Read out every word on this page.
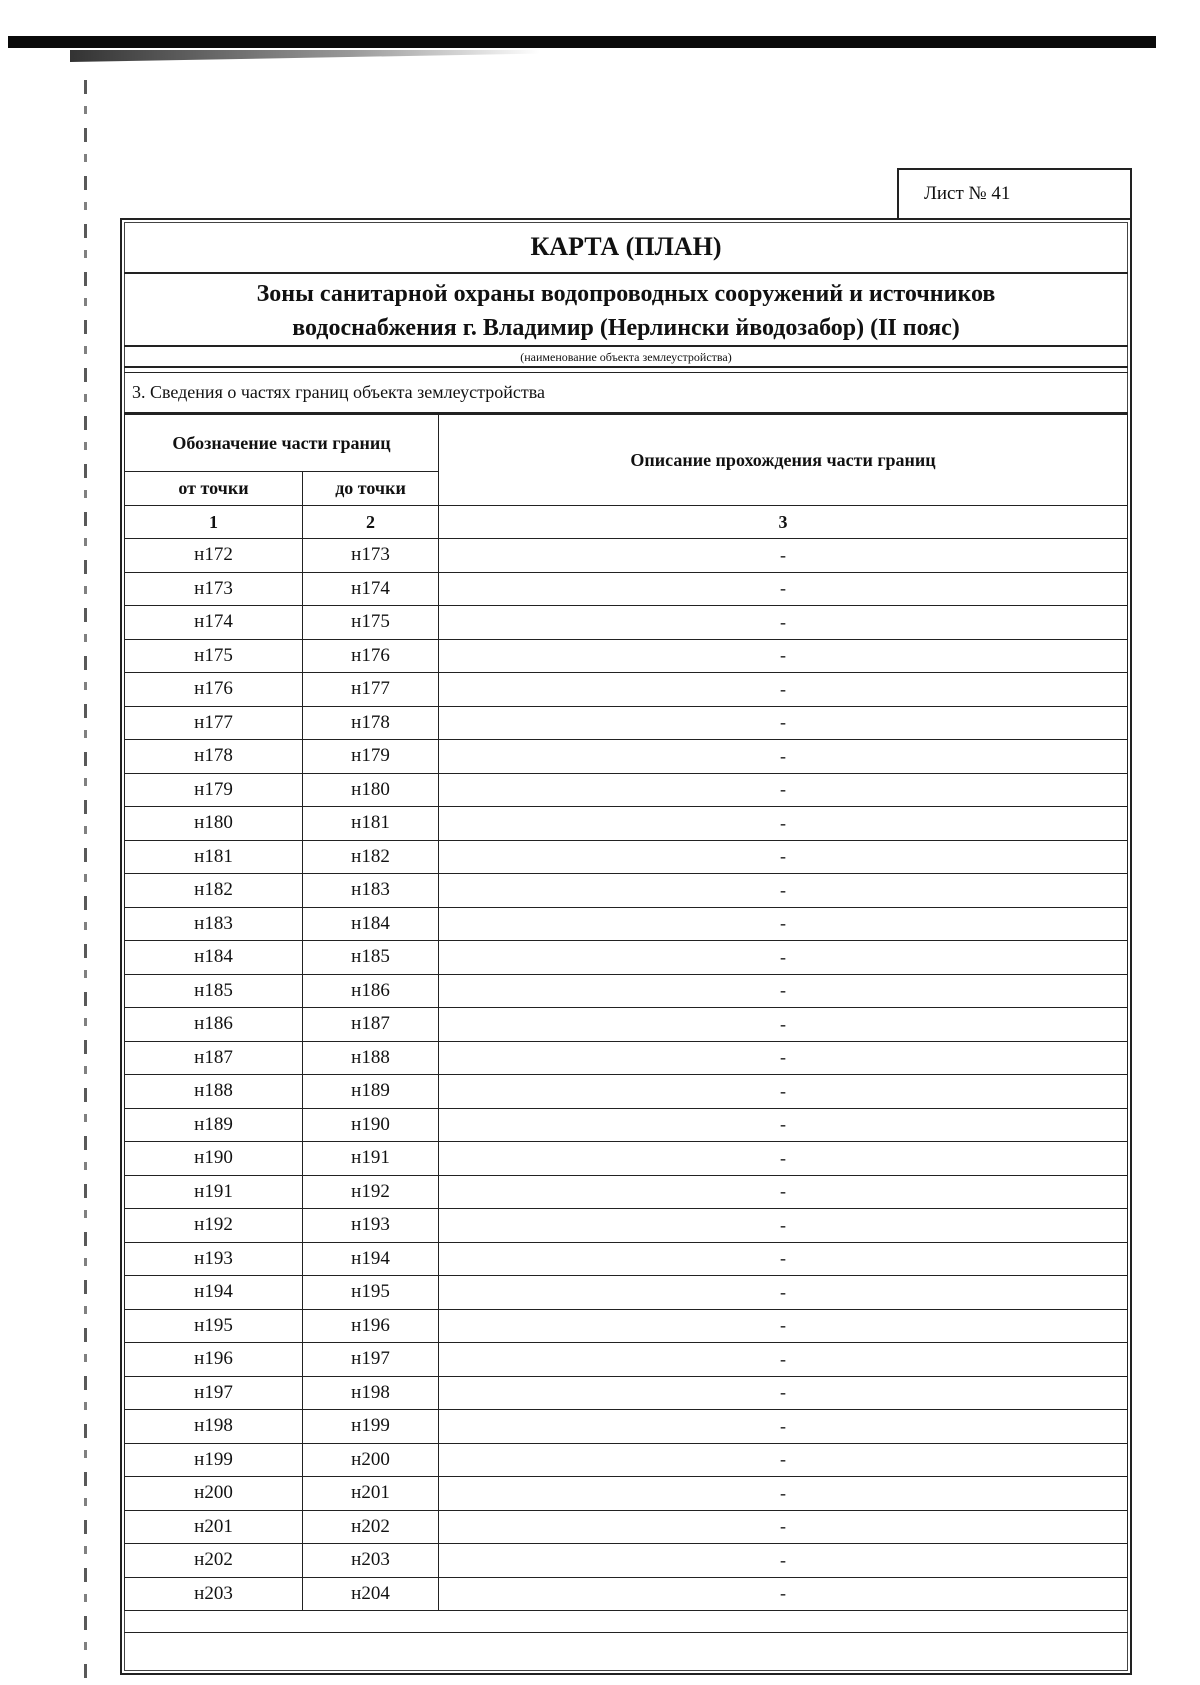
Лист № 41
КАРТА (ПЛАН)
Зоны санитарной охраны водопроводных сооружений и источников
водоснабжения г. Владимир (Нерлински йводозабор) (II пояс)
(наименование объекта землеустройства)
3. Сведения о частях границ объекта землеустройства
Обозначение части границ		Описание прохождения части границ
от точки	до точки	
1	2	3
н172	н173	-
н173	н174	-
н174	н175	-
н175	н176	-
н176	н177	-
н177	н178	-
н178	н179	-
н179	н180	-
н180	н181	-
н181	н182	-
н182	н183	-
н183	н184	-
н184	н185	-
н185	н186	-
н186	н187	-
н187	н188	-
н188	н189	-
н189	н190	-
н190	н191	-
н191	н192	-
н192	н193	-
н193	н194	-
н194	н195	-
н195	н196	-
н196	н197	-
н197	н198	-
н198	н199	-
н199	н200	-
н200	н201	-
н201	н202	-
н202	н203	-
н203	н204	-
